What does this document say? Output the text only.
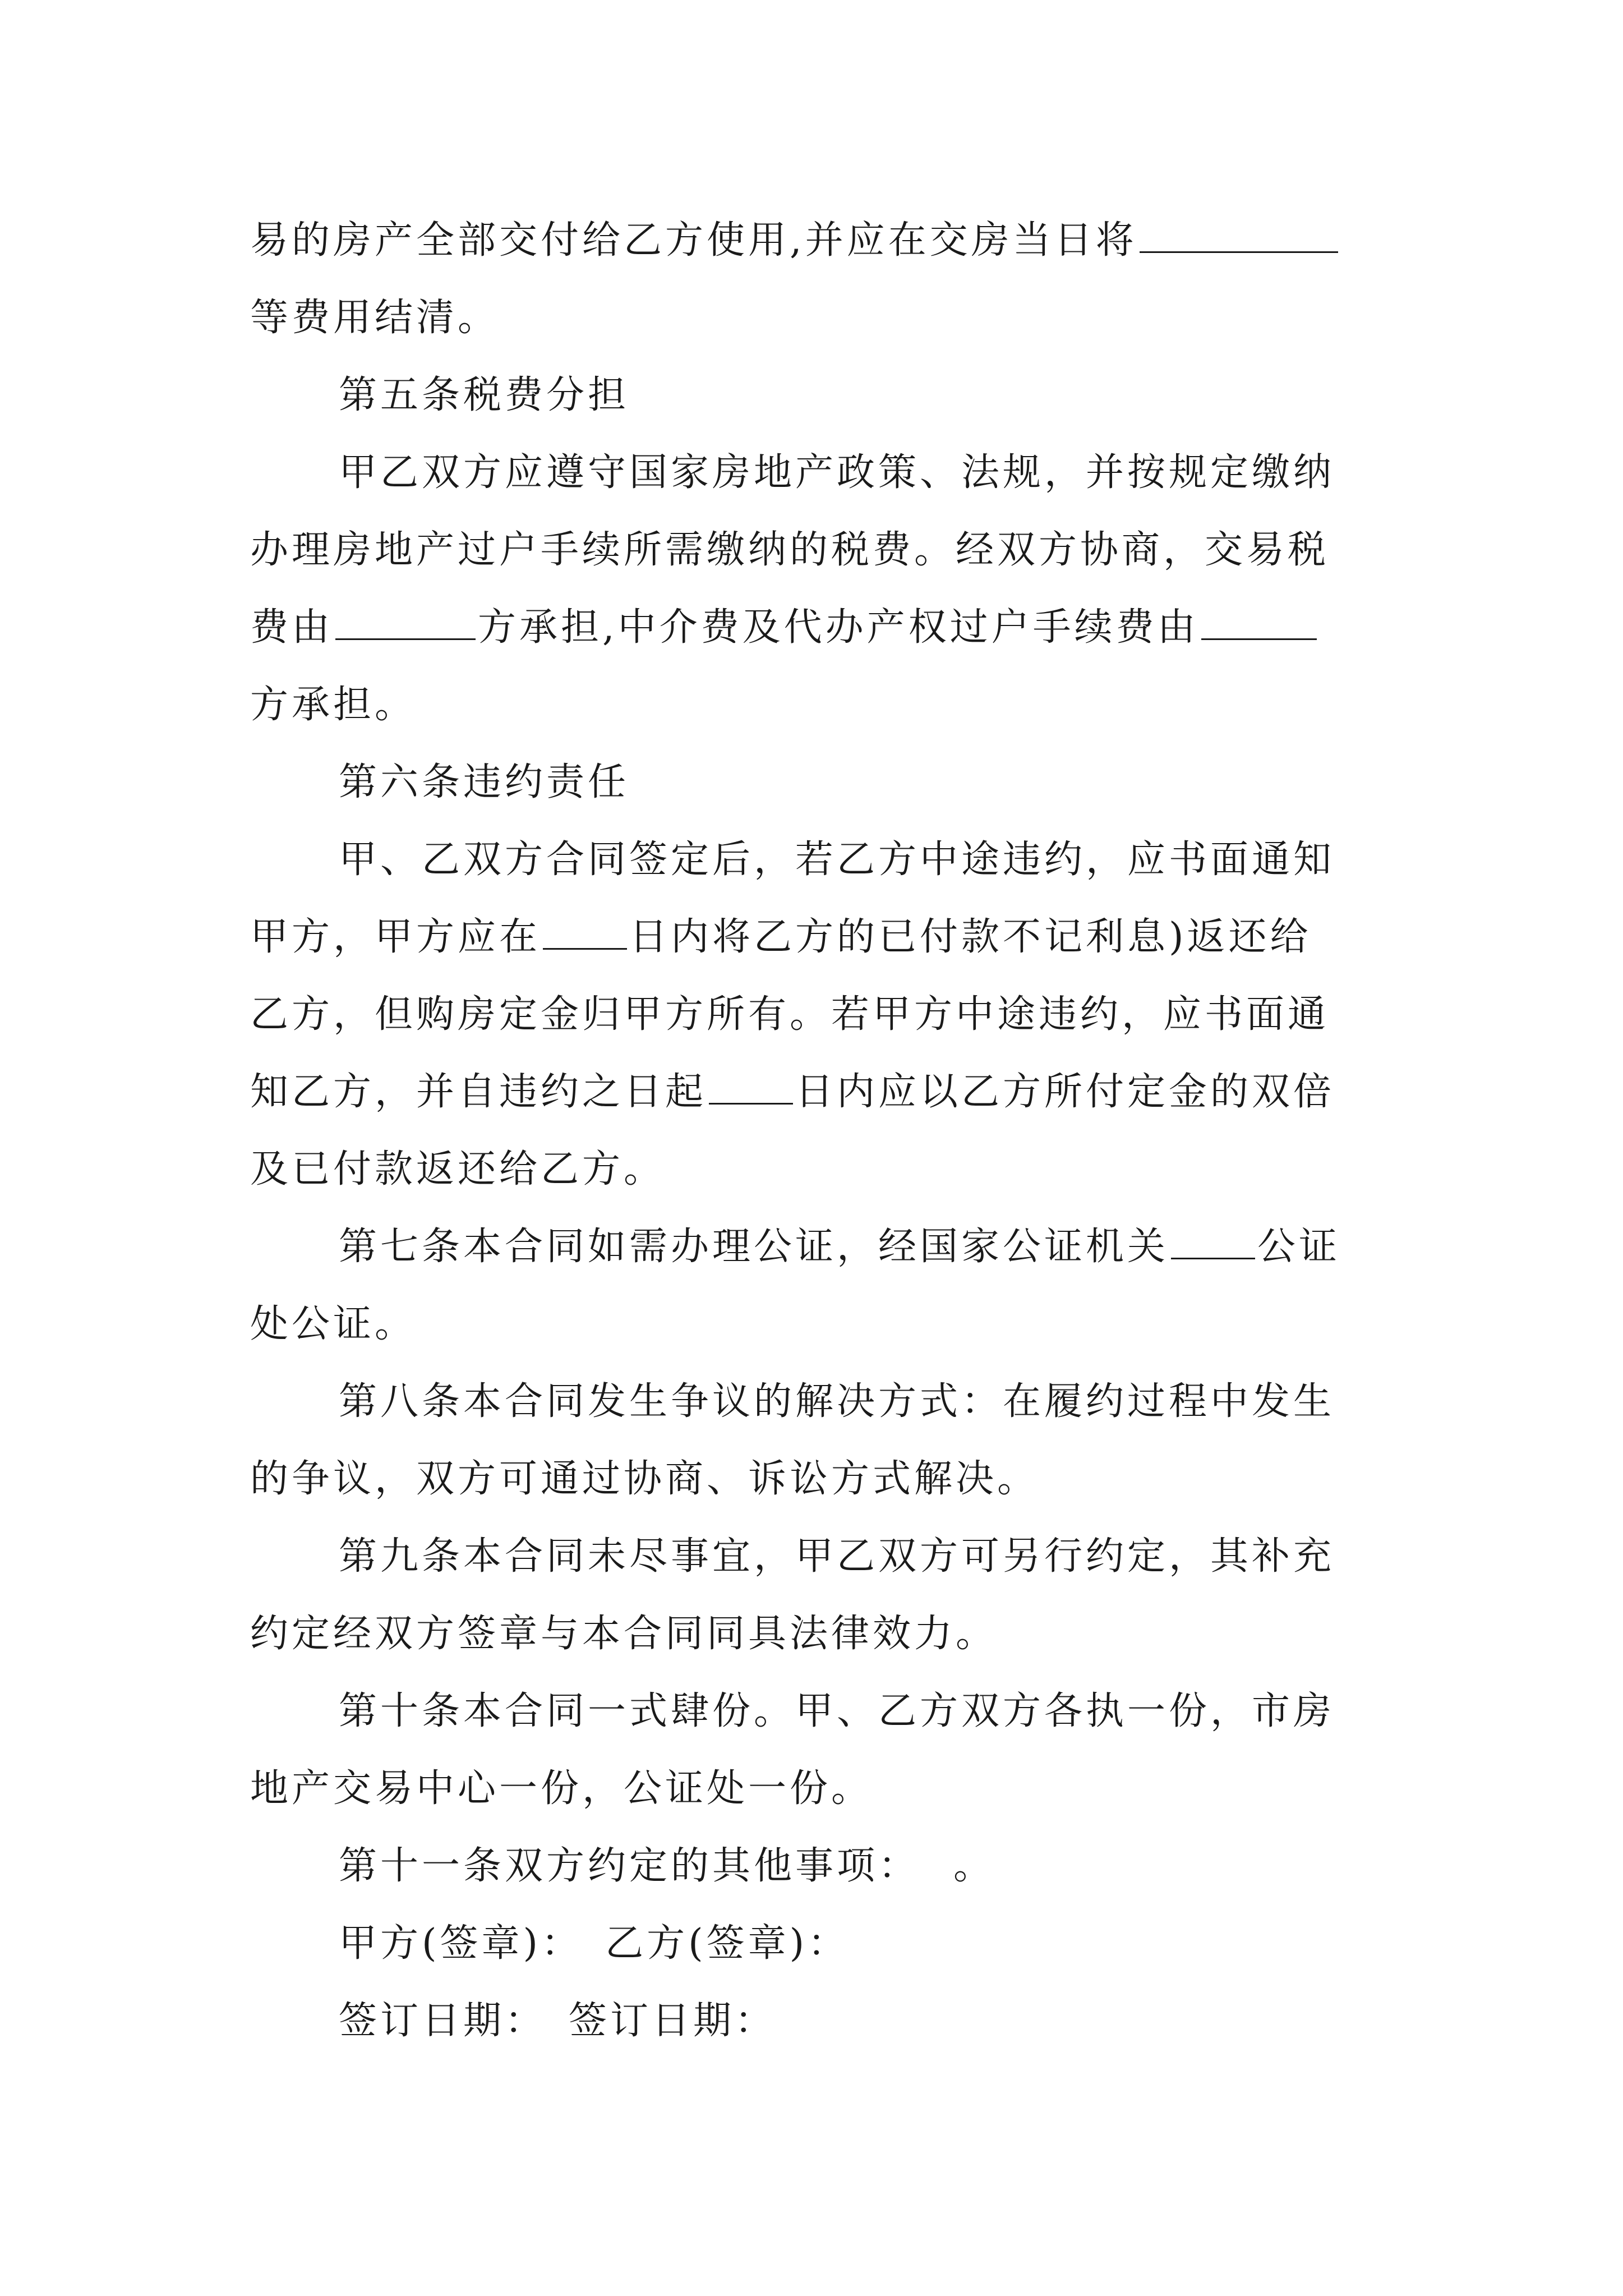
易的房产全部交付给乙方使用,并应在交房当日将
等费用结清。
第五条税费分担
甲乙双方应遵守国家房地产政策、法规，并按规定缴纳
办理房地产过户手续所需缴纳的税费。经双方协商，交易税
费由	方承担,中介费及代办产权过户手续费由
方承担。
第六条违约责任
甲、乙双方合同签定后，若乙方中途违约，应书面通知
甲方，甲方应在 日内将乙方的已付款不记利息)返还给
乙方，但购房定金归甲方所有。若甲方中途违约，应书面通
知乙方，并自违约之日起 日内应以乙方所付定金的双倍
及已付款返还给乙方。
第七条本合同如需办理公证，经国家公证机关 公证
处公证。
第八条本合同发生争议的解决方式：在履约过程中发生
的争议，双方可通过协商、诉讼方式解决。
第九条本合同未尽事宜，甲乙双方可另行约定，其补充
约定经双方签章与本合同同具法律效力。
第十条本合同一式肆份。甲、乙方双方各执一份，市房
地产交易中心一份，公证处一份。
第十一条双方约定的其他事项： 。
甲方(签章)： 乙方(签章)：
签订日期： 签订日期：
